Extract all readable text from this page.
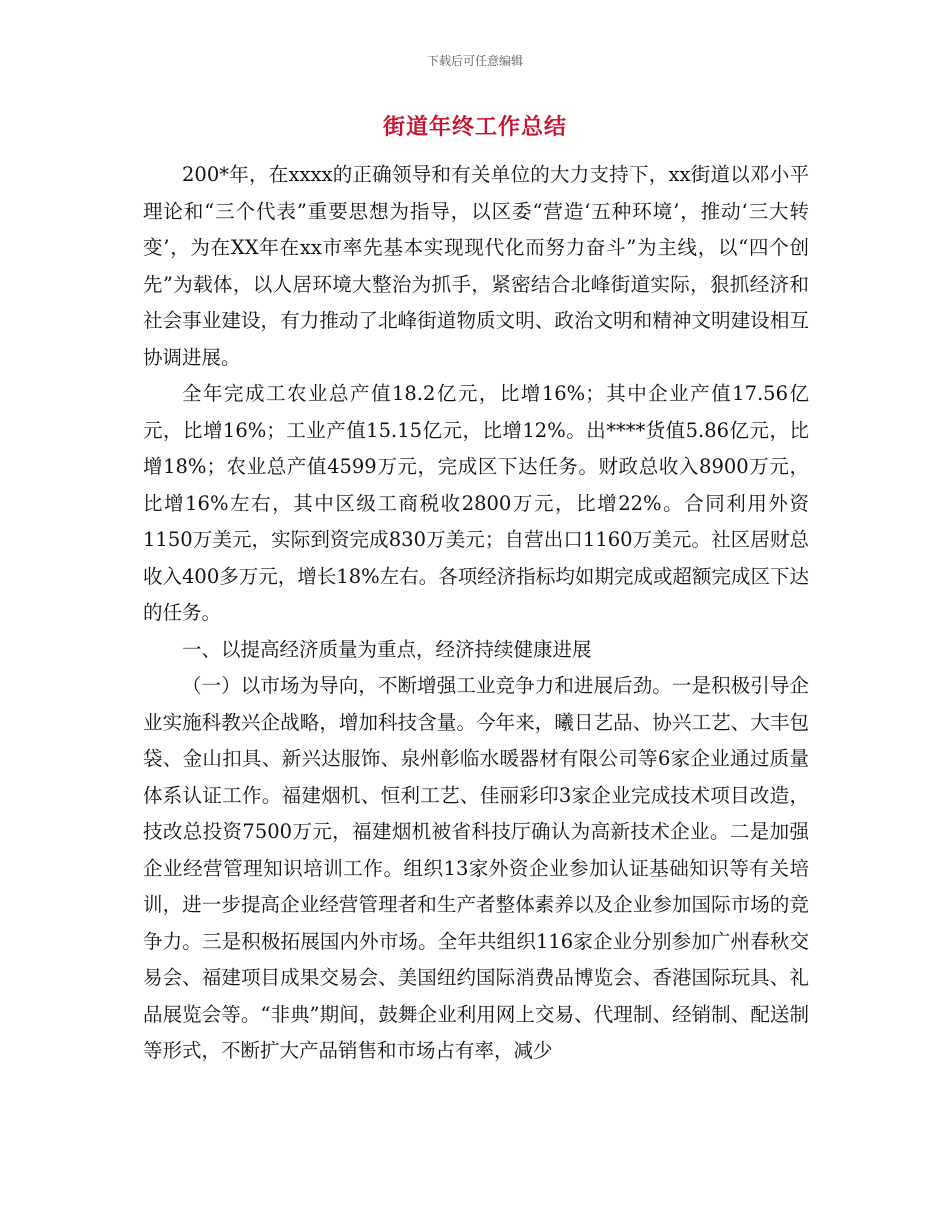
下载后可任意编辑
街道年终工作总结

200*年，在xxxx的正确领导和有关单位的大力支持下，xx街道以邓小平理论和“三个代表”重要思想为指导，以区委“营造‘五种环境’，推动‘三大转变’，为在XX年在xx市率先基本实现现代化而努力奋斗”为主线，以“四个创先”为载体，以人居环境大整治为抓手，紧密结合北峰街道实际，狠抓经济和社会事业建设，有力推动了北峰街道物质文明、政治文明和精神文明建设相互协调进展。

全年完成工农业总产值18.2亿元，比增16%；其中企业产值17.56亿元，比增16%；工业产值15.15亿元，比增12%。出****货值5.86亿元，比增18%；农业总产值4599万元，完成区下达任务。财政总收入8900万元，比增16%左右，其中区级工商税收2800万元，比增22%。合同利用外资1150万美元，实际到资完成830万美元；自营出口1160万美元。社区居财总收入400多万元，增长18%左右。各项经济指标均如期完成或超额完成区下达的任务。

一、以提高经济质量为重点，经济持续健康进展

（一）以市场为导向，不断增强工业竞争力和进展后劲。一是积极引导企业实施科教兴企战略，增加科技含量。今年来，曦日艺品、协兴工艺、大丰包袋、金山扣具、新兴达服饰、泉州彰临水暖器材有限公司等6家企业通过质量体系认证工作。福建烟机、恒利工艺、佳丽彩印3家企业完成技术项目改造，技改总投资7500万元，福建烟机被省科技厅确认为高新技术企业。二是加强企业经营管理知识培训工作。组织13家外资企业参加认证基础知识等有关培训，进一步提高企业经营管理者和生产者整体素养以及企业参加国际市场的竞争力。三是积极拓展国内外市场。全年共组织116家企业分别参加广州春秋交易会、福建项目成果交易会、美国纽约国际消费品博览会、香港国际玩具、礼品展览会等。“非典”期间，鼓舞企业利用网上交易、代理制、经销制、配送制等形式，不断扩大产品销售和市场占有率，减少
